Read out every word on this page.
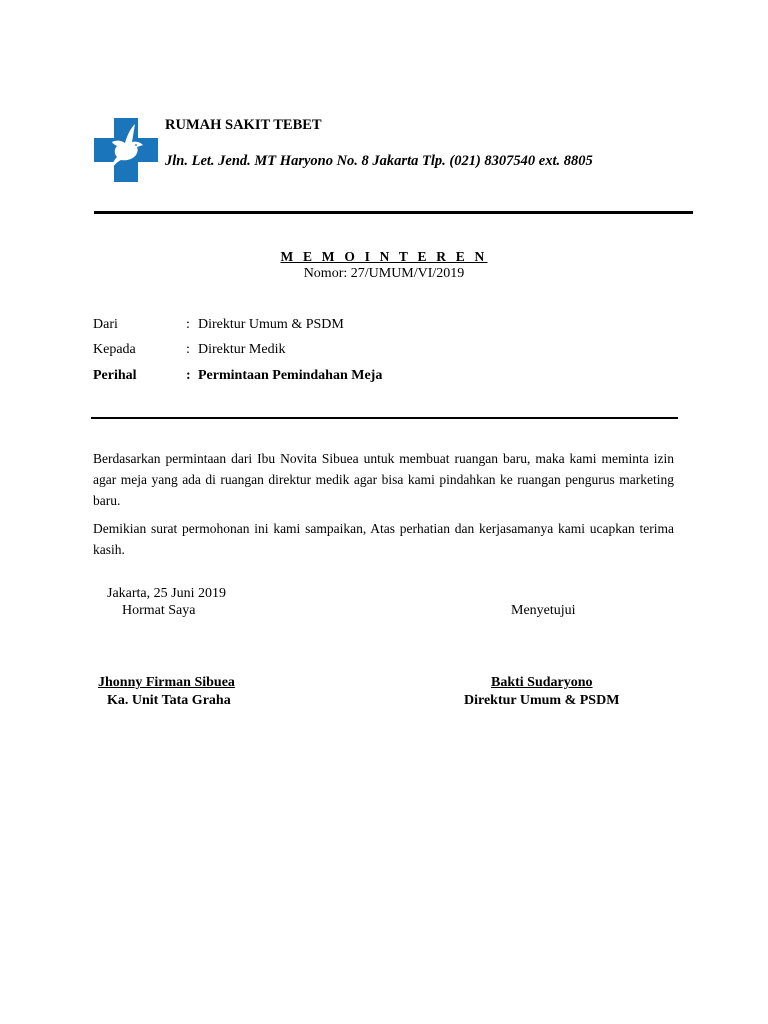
RUMAH SAKIT TEBET
Jln. Let. Jend. MT Haryono No. 8 Jakarta Tlp. (021) 8307540 ext. 8805
M E M O I N T E R E N
Nomor: 27/UMUM/VI/2019
Dari	: Direktur Umum & PSDM
Kepada	: Direktur Medik
Perihal	: Permintaan Pemindahan Meja
Berdasarkan permintaan dari Ibu Novita Sibuea untuk membuat ruangan baru, maka kami meminta izin agar meja yang ada di ruangan direktur medik agar bisa kami pindahkan ke ruangan pengurus marketing baru.
Demikian surat permohonan ini kami sampaikan, Atas perhatian dan kerjasamanya kami ucapkan terima kasih.
Jakarta, 25 Juni 2019
Hormat Saya	Menyetujui
Jhonny Firman Sibuea
Ka. Unit Tata Graha
Bakti Sudaryono
Direktur Umum & PSDM
